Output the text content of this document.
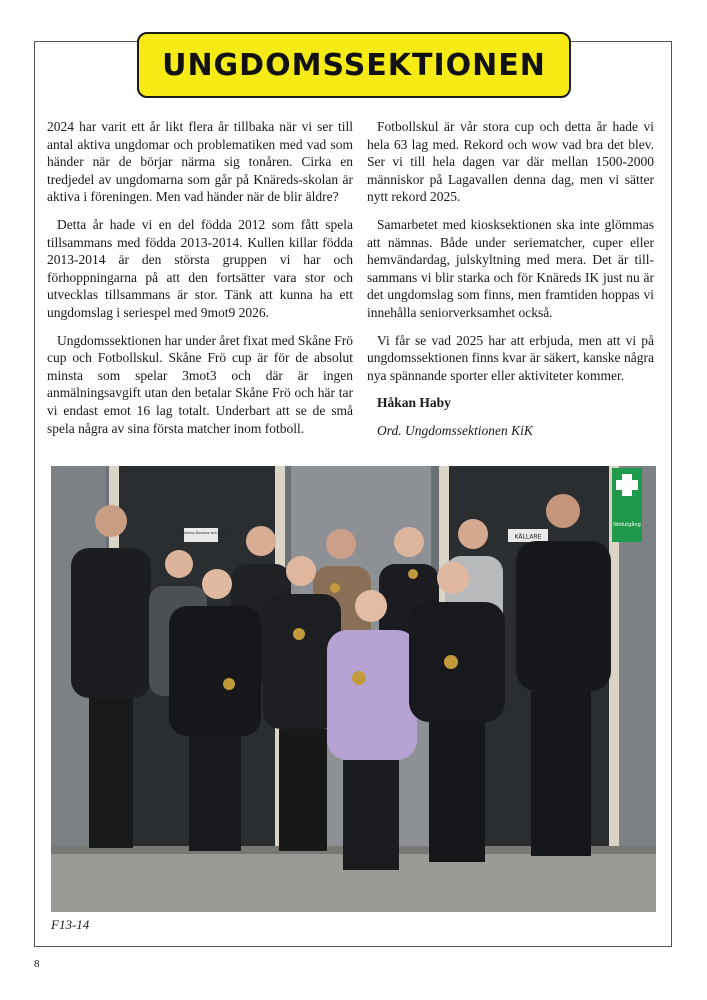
UNGDOMSSEKTIONEN

2024 har varit ett år likt flera år tillbaka när vi ser till antal aktiva ungdomar och problematiken med vad som händer när de börjar närma sig tonåren. Cirka en tredjedel av ungdomarna som går på Knäreds-skolan är aktiva i föreningen. Men vad händer när de blir äldre?

Detta år hade vi en del födda 2012 som fått spela tillsammans med födda 2013-2014. Kullen killar födda 2013-2014 är den största gruppen vi har och förhoppningarna på att den fortsätter vara stor och utvecklas tillsammans är stor. Tänk att kunna ha ett ungdomslag i seriespel med 9mot9 2026.

Ungdomssektionen har under året fixat med Skåne Frö cup och Fotbollskul. Skåne Frö cup är för de absolut minsta som spelar 3mot3 och där är ingen anmälningsavgift utan den betalar Skåne Frö och här tar vi endast emot 16 lag totalt. Underbart att se de små spela några av sina första matcher inom fotboll.

Fotbollskul är vår stora cup och detta år hade vi hela 63 lag med. Rekord och wow vad bra det blev. Ser vi till hela dagen var där mellan 1500-2000 människor på Lagavallen denna dag, men vi sätter nytt rekord 2025.

Samarbetet med kiosksektionen ska inte glömmas att nämnas. Både under seriematcher, cuper eller hemvändardag, julskyltning med mera. Det är till-sammans vi blir starka och för Knäreds IK just nu är det ungdomslag som finns, men framtiden hoppas vi innehålla seniorverksamhet också.

Vi får se vad 2025 har att erbjuda, men att vi på ungdomssektionen finns kvar är säkert, kanske några nya spännande sporter eller aktiviteter kommer.

Håkan Haby

Ord. Ungdomssektionen KiK

Omklädning Domare och Besök
KÄLLARE
Nödutgång
F13-14
8
